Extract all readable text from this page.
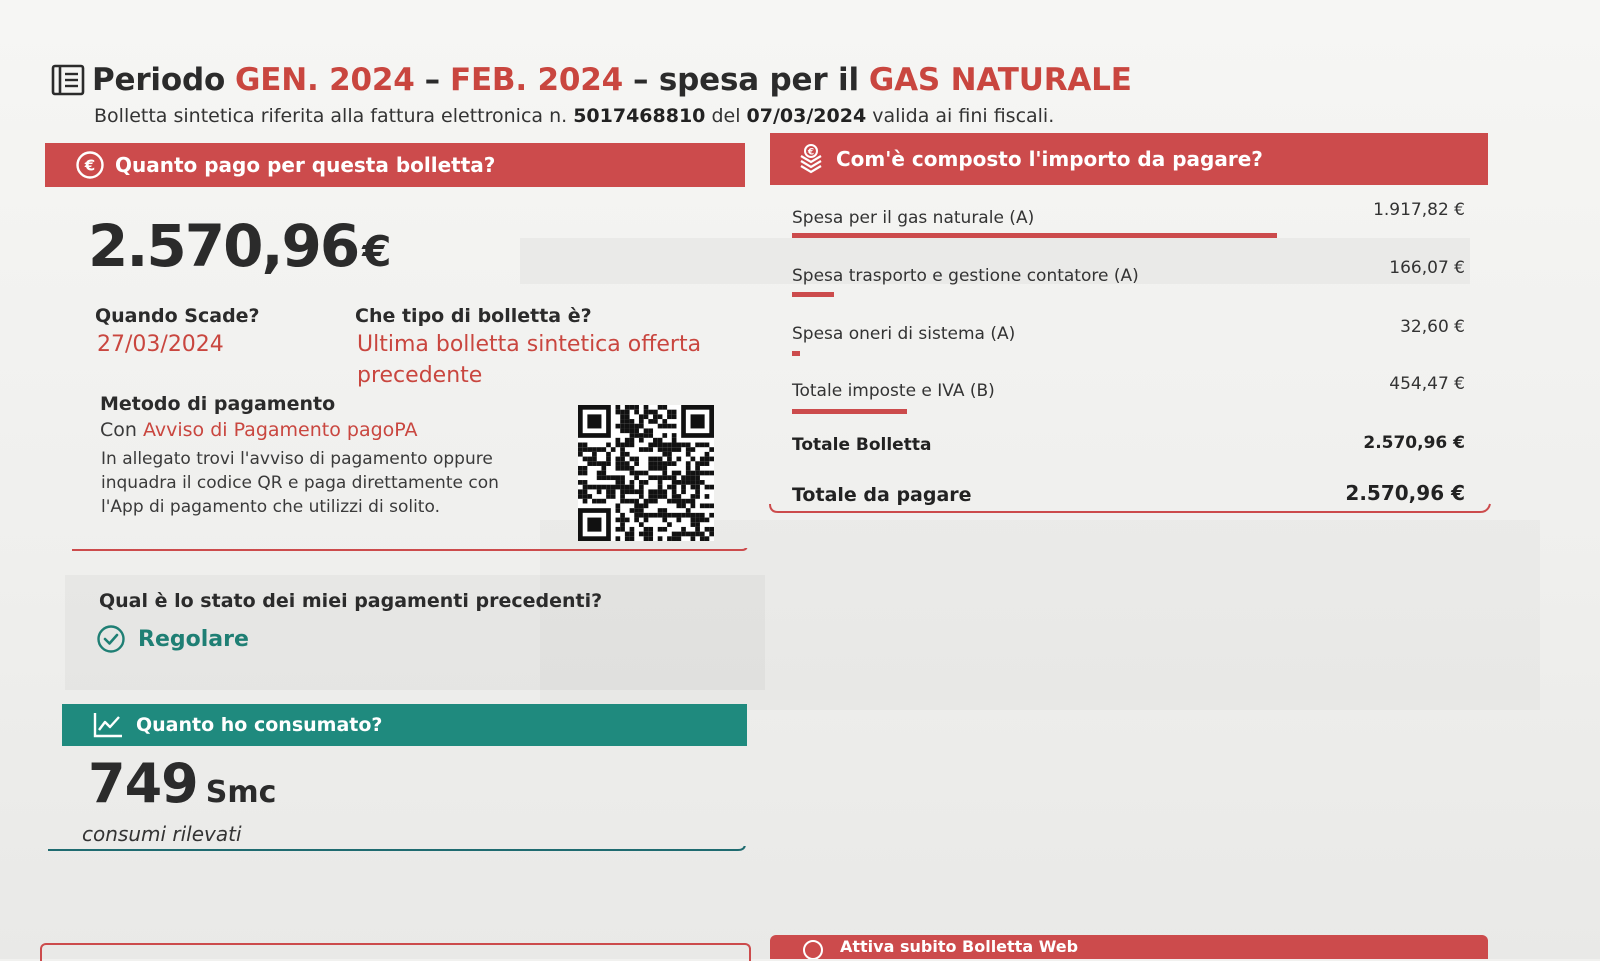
Periodo GEN. 2024 – FEB. 2024 – spesa per il GAS NATURALE
Bolletta sintetica riferita alla fattura elettronica n. 5017468810 del 07/03/2024 valida ai fini fiscali.
€ Quanto pago per questa bolletta?
2.570,96€
Quando Scade?
27/03/2024
Che tipo di bolletta è?
Ultima bolletta sintetica offerta
precedente
Metodo di pagamento
Con Avviso di Pagamento pagoPA
In allegato trovi l'avviso di pagamento oppure
inquadra il codice QR e paga direttamente con
l'App di pagamento che utilizzi di solito.
Qual è lo stato dei miei pagamenti precedenti?
Regolare
Quanto ho consumato?
749 Smc
consumi rilevati
€ Com'è composto l'importo da pagare?
Spesa per il gas naturale (A)	1.917,82 €
Spesa trasporto e gestione contatore (A)	166,07 €
Spesa oneri di sistema (A)	32,60 €
Totale imposte e IVA (B)	454,47 €
Totale Bolletta	2.570,96 €
Totale da pagare	2.570,96 €
Attiva subito Bolletta Web
